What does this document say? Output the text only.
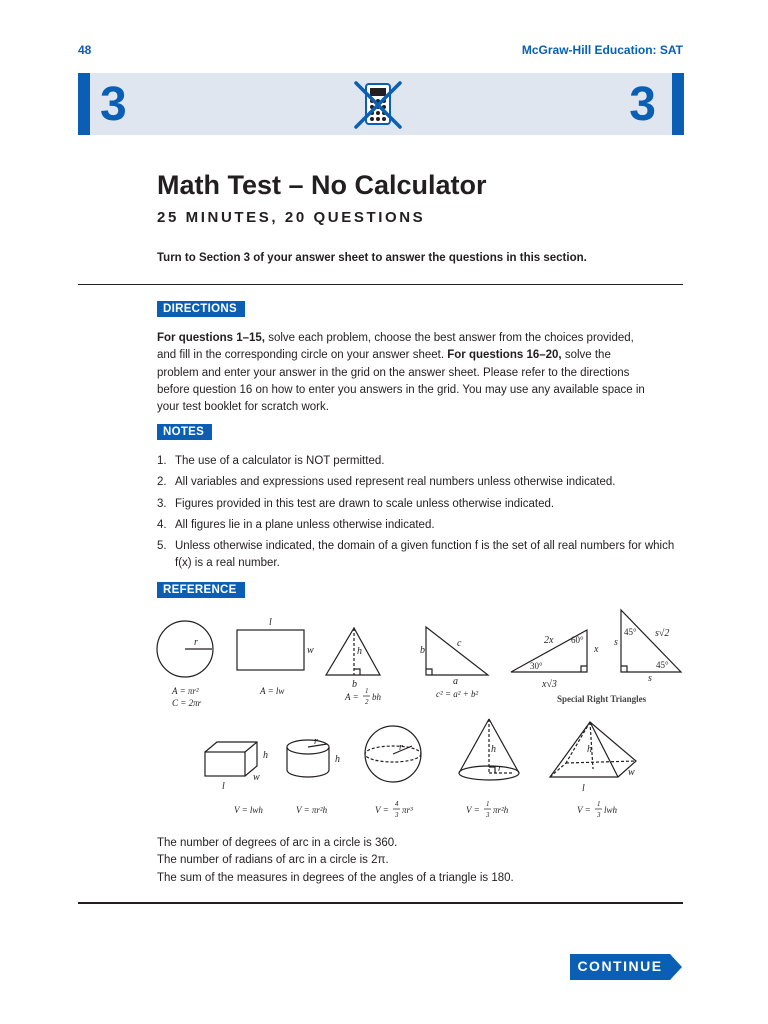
48	McGraw-Hill Education: SAT
3	3
Math Test – No Calculator
25 MINUTES, 20 QUESTIONS
Turn to Section 3 of your answer sheet to answer the questions in this section.
DIRECTIONS
For questions 1–15, solve each problem, choose the best answer from the choices provided, and fill in the corresponding circle on your answer sheet. For questions 16–20, solve the problem and enter your answer in the grid on the answer sheet. Please refer to the directions before question 16 on how to enter you answers in the grid. You may use any available space in your test booklet for scratch work.
NOTES
1. The use of a calculator is NOT permitted.
2. All variables and expressions used represent real numbers unless otherwise indicated.
3. Figures provided in this test are drawn to scale unless otherwise indicated.
4. All figures lie in a plane unless otherwise indicated.
5. Unless otherwise indicated, the domain of a given function f is the set of all real numbers for which f(x) is a real number.
REFERENCE
r
l
w	h
b
b
c
a
2x 60°
30°
x
x√3
45°
45°
s√2
s
s
h
w
l
r
h
r	h
r
h
w
l
A = πr²
C = 2πr
A = lw
A =
1
2 bh	c² = a² + b²
V = lwh	V = πr²h	V =
4
3 πr³	V =
1
3 πr²h	V =
1
3 lwh
Special Right Triangles
The number of degrees of arc in a circle is 360.
The number of radians of arc in a circle is 2π.
The sum of the measures in degrees of the angles of a triangle is 180.
CONTINUE
